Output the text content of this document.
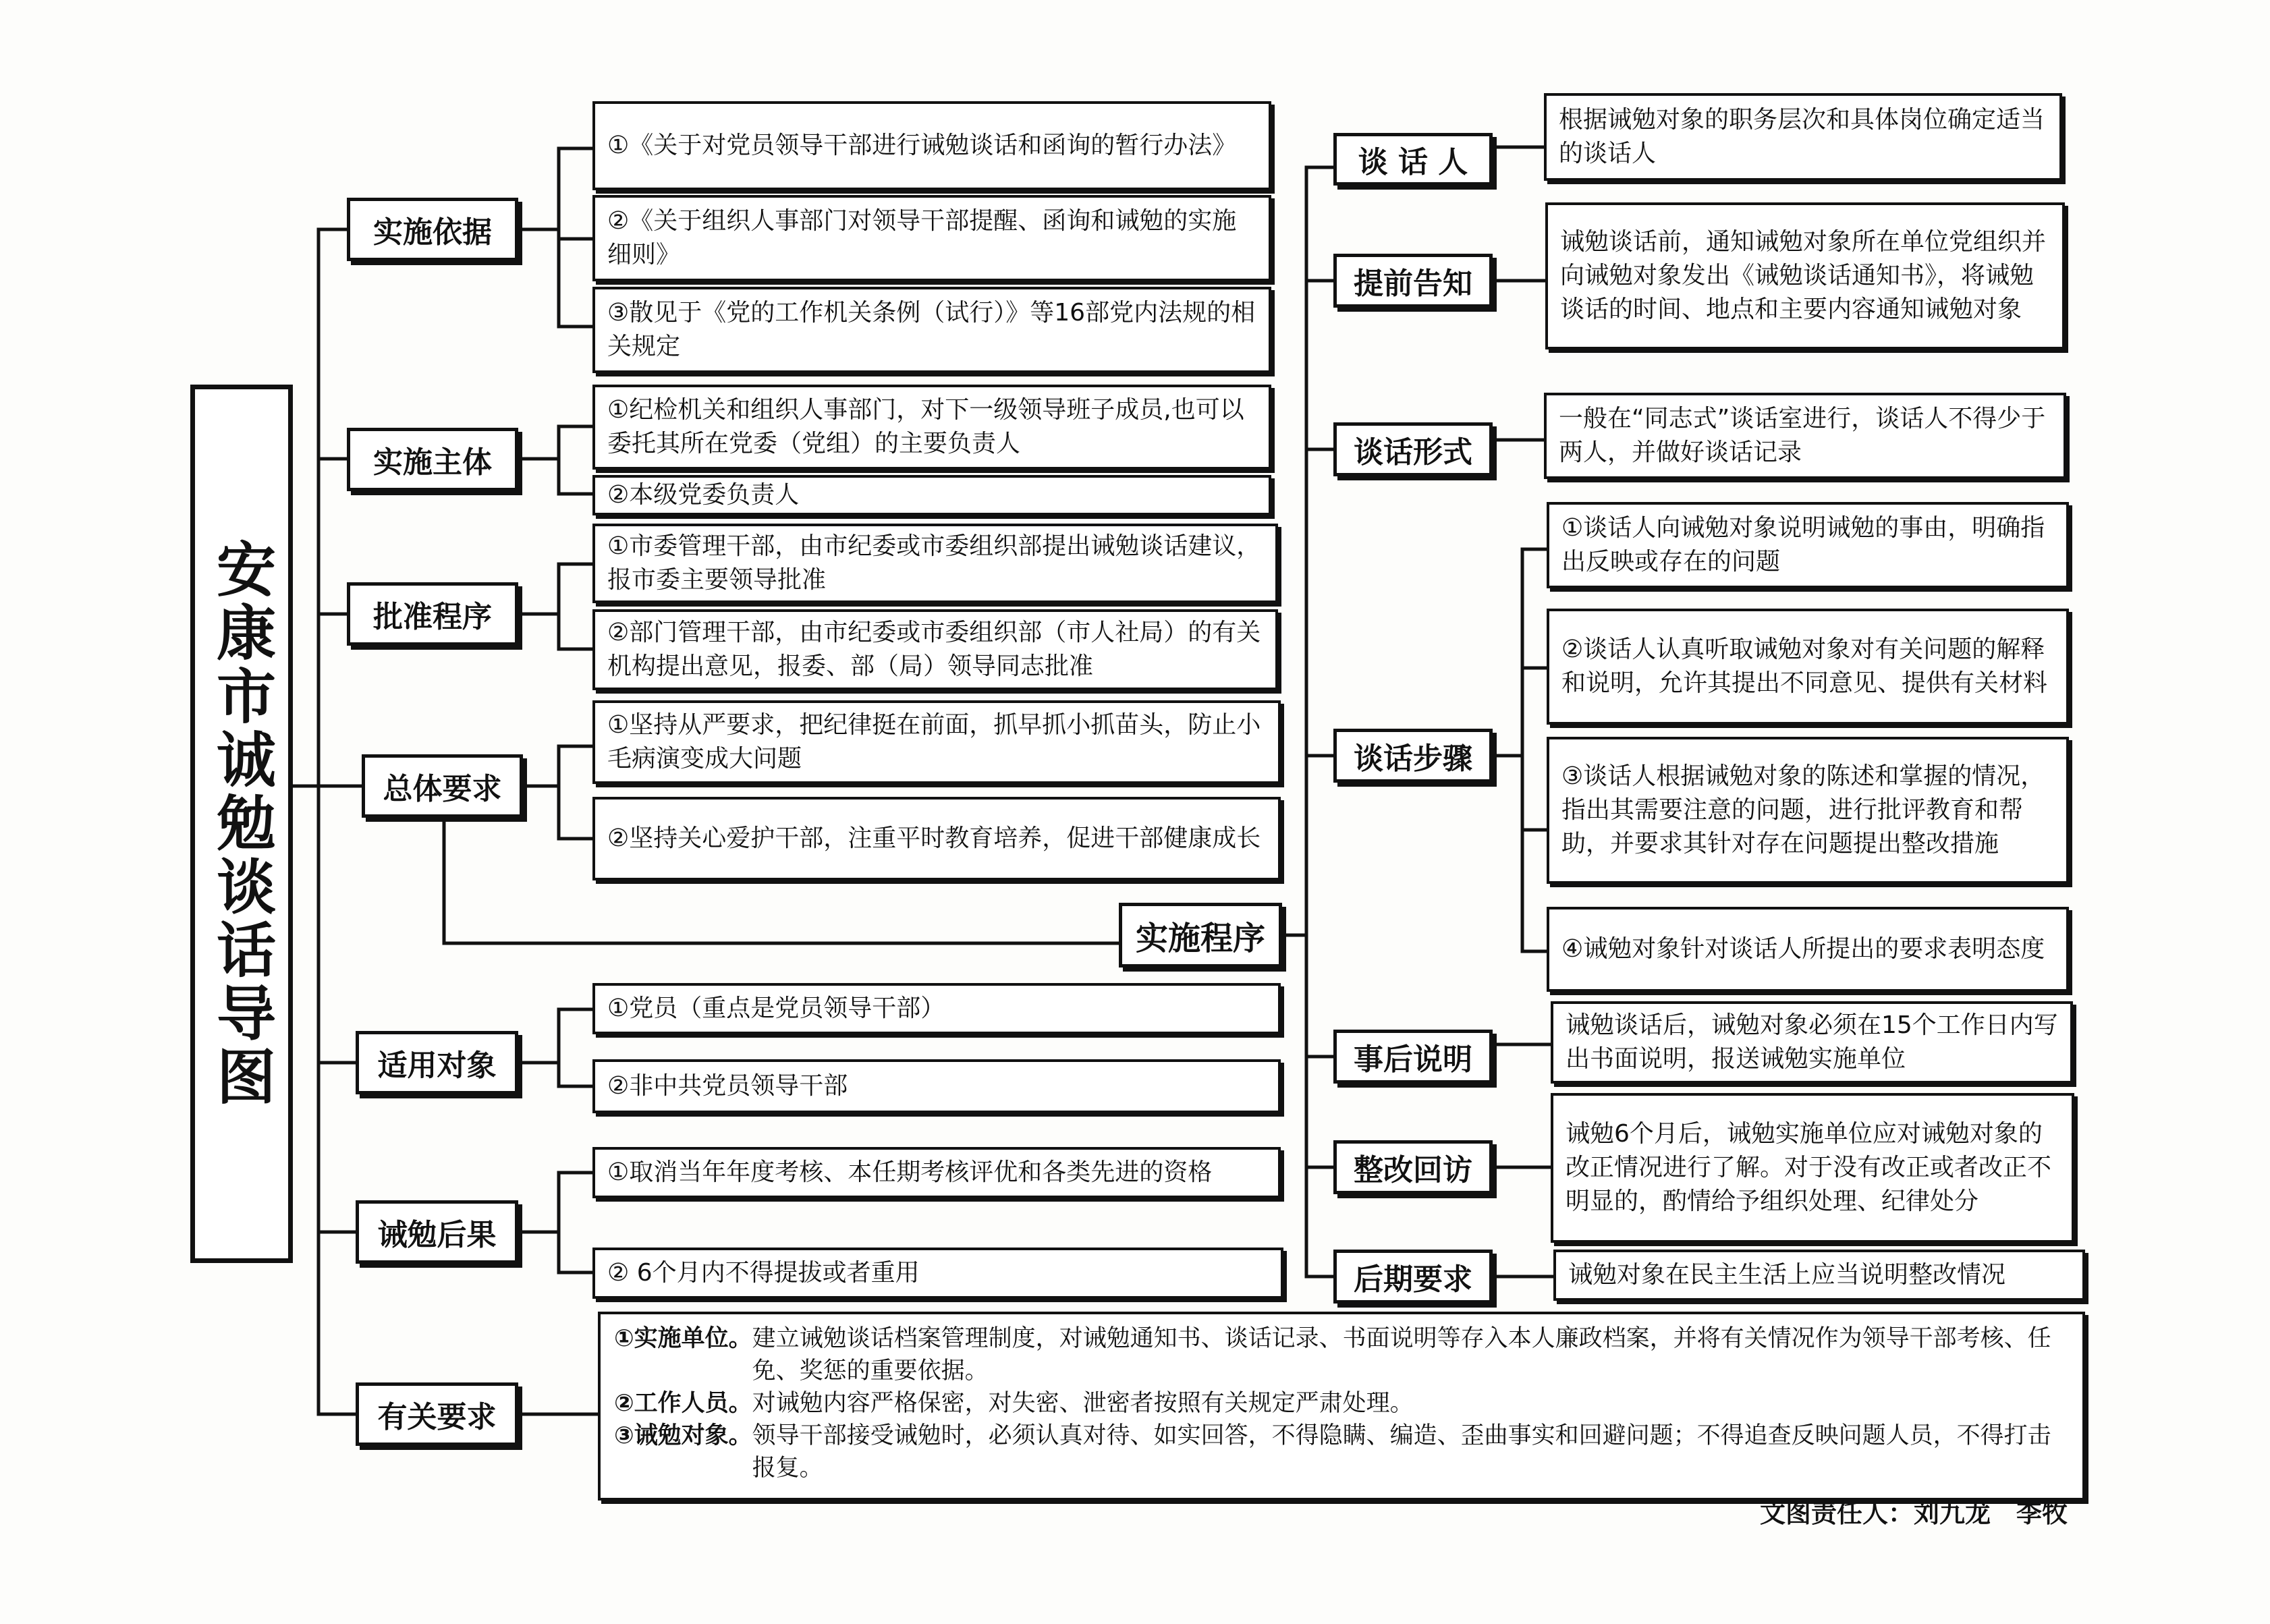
安康市诚勉谈话导图
实施依据
实施主体
批准程序
总体要求
适用对象
诫勉后果
有关要求
实施程序
①《关于对党员领导干部进行诫勉谈话和函询的暂行办法》
②《关于组织人事部门对领导干部提醒、函询和诫勉的实施细则》
③散见于《党的工作机关条例（试行）》等16部党内法规的相关规定
①纪检机关和组织人事部门，对下一级领导班子成员,也可以委托其所在党委（党组）的主要负责人
②本级党委负责人
①市委管理干部，由市纪委或市委组织部提出诫勉谈话建议，报市委主要领导批准
②部门管理干部，由市纪委或市委组织部（市人社局）的有关机构提出意见，报委、部（局）领导同志批准
①坚持从严要求，把纪律挺在前面，抓早抓小抓苗头，防止小毛病演变成大问题
②坚持关心爱护干部，注重平时教育培养，促进干部健康成长
①党员（重点是党员领导干部）
②非中共党员领导干部
①取消当年年度考核、本任期考核评优和各类先进的资格
② 6个月内不得提拔或者重用
①实施单位。 建立诫勉谈话档案管理制度，对诫勉通知书、谈话记录、书面说明等存入本人廉政档案，并将有关情况作为领导干部考核、任免、奖惩的重要依据。
②工作人员。 对诫勉内容严格保密，对失密、泄密者按照有关规定严肃处理。
③诫勉对象。 领导干部接受诫勉时，必须认真对待、如实回答，不得隐瞒、编造、歪曲事实和回避问题；不得追查反映问题人员，不得打击报复。
谈 话 人
提前告知
谈话形式
谈话步骤
事后说明
整改回访
后期要求
根据诫勉对象的职务层次和具体岗位确定适当的谈话人
诫勉谈话前，通知诫勉对象所在单位党组织并向诫勉对象发出《诫勉谈话通知书》，将诫勉谈话的时间、地点和主要内容通知诫勉对象
一般在“同志式”谈话室进行，谈话人不得少于两人，并做好谈话记录
①谈话人向诫勉对象说明诫勉的事由，明确指出反映或存在的问题
②谈话人认真听取诫勉对象对有关问题的解释和说明，允许其提出不同意见、提供有关材料
③谈话人根据诫勉对象的陈述和掌握的情况，指出其需要注意的问题，进行批评教育和帮助，并要求其针对存在问题提出整改措施
④诫勉对象针对谈话人所提出的要求表明态度
诫勉谈话后，诫勉对象必须在15个工作日内写出书面说明，报送诫勉实施单位
诫勉6个月后，诫勉实施单位应对诫勉对象的改正情况进行了解。对于没有改正或者改正不明显的，酌情给予组织处理、纪律处分
诫勉对象在民主生活上应当说明整改情况
文图责任人：刘九龙　李牧
